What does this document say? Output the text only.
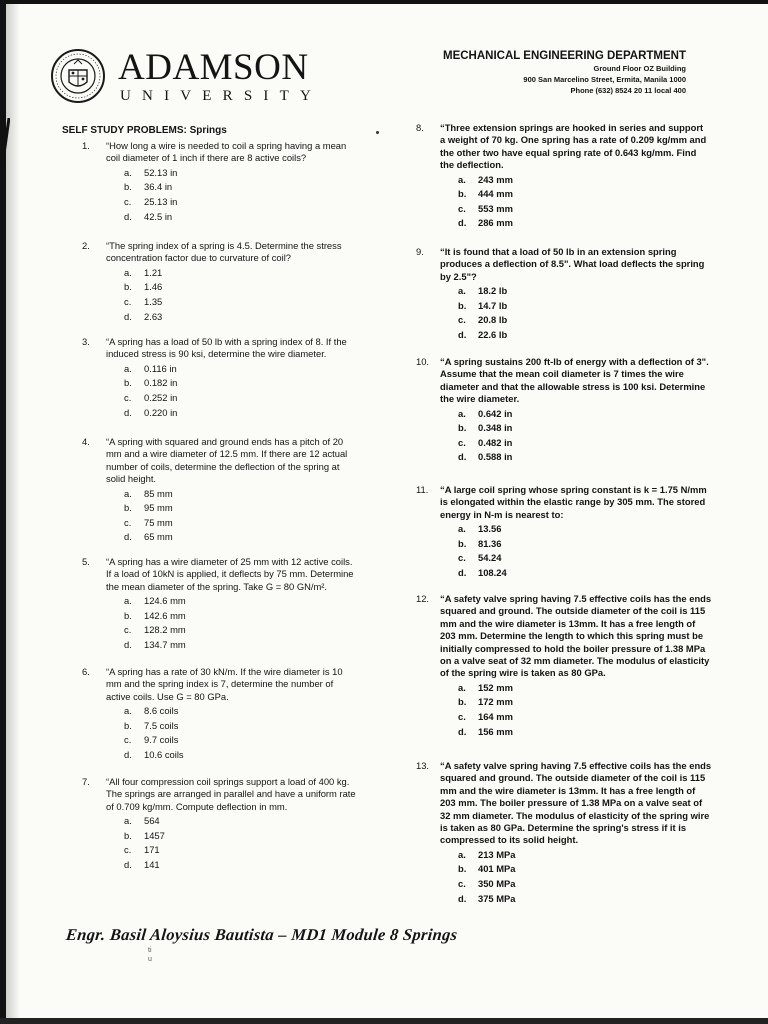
ADAMSON
UNIVERSITY
MECHANICAL ENGINEERING DEPARTMENT
Ground Floor OZ Building
900 San Marcelino Street, Ermita, Manila 1000
Phone (632) 8524 20 11 local 400
SELF STUDY PROBLEMS: Springs
1.	“How long a wire is needed to coil a spring having a mean
coil diameter of 1 inch if there are 8 active coils?
a. 52.13 in
b. 36.4 in
c. 25.13 in
d. 42.5 in
2.	“The spring index of a spring is 4.5. Determine the stress
concentration factor due to curvature of coil?
a. 1.21
b. 1.46
c. 1.35
d. 2.63
3.	“A spring has a load of 50 lb with a spring index of 8. If the
induced stress is 90 ksi, determine the wire diameter.
a. 0.116 in
b. 0.182 in
c. 0.252 in
d. 0.220 in
4.	“A spring with squared and ground ends has a pitch of 20
mm and a wire diameter of 12.5 mm. If there are 12 actual
number of coils, determine the deflection of the spring at
solid height.
a. 85 mm
b. 95 mm
c. 75 mm
d. 65 mm
5.	“A spring has a wire diameter of 25 mm with 12 active coils.
If a load of 10kN is applied, it deflects by 75 mm. Determine
the mean diameter of the spring. Take G = 80 GN/m².
a. 124.6 mm
b. 142.6 mm
c. 128.2 mm
d. 134.7 mm
6.	“A spring has a rate of 30 kN/m. If the wire diameter is 10
mm and the spring index is 7, determine the number of
active coils. Use G = 80 GPa.
a. 8.6 coils
b. 7.5 coils
c. 9.7 coils
d. 10.6 coils
7.	“All four compression coil springs support a load of 400 kg.
The springs are arranged in parallel and have a uniform rate
of 0.709 kg/mm. Compute deflection in mm.
a. 564
b. 1457
c. 171
d. 141
8.	“Three extension springs are hooked in series and support
a weight of 70 kg. One spring has a rate of 0.209 kg/mm and
the other two have equal spring rate of 0.643 kg/mm. Find
the deflection.
a. 243 mm
b. 444 mm
c. 553 mm
d. 286 mm
9.	“It is found that a load of 50 lb in an extension spring
produces a deflection of 8.5". What load deflects the spring
by 2.5"?
a. 18.2 lb
b. 14.7 lb
c. 20.8 lb
d. 22.6 lb
10.	“A spring sustains 200 ft-lb of energy with a deflection of 3".
Assume that the mean coil diameter is 7 times the wire
diameter and that the allowable stress is 100 ksi. Determine
the wire diameter.
a. 0.642 in
b. 0.348 in
c. 0.482 in
d. 0.588 in
11.	“A large coil spring whose spring constant is k = 1.75 N/mm
is elongated within the elastic range by 305 mm. The stored
energy in N-m is nearest to:
a. 13.56
b. 81.36
c. 54.24
d. 108.24
12.	“A safety valve spring having 7.5 effective coils has the ends
squared and ground. The outside diameter of the coil is 115
mm and the wire diameter is 13mm. It has a free length of
203 mm. Determine the length to which this spring must be
initially compressed to hold the boiler pressure of 1.38 MPa
on a valve seat of 32 mm diameter. The modulus of elasticity
of the spring wire is taken as 80 GPa.
a. 152 mm
b. 172 mm
c. 164 mm
d. 156 mm
13.	“A safety valve spring having 7.5 effective coils has the ends
squared and ground. The outside diameter of the coil is 115
mm and the wire diameter is 13mm. It has a free length of
203 mm. The boiler pressure of 1.38 MPa on a valve seat of
32 mm diameter. The modulus of elasticity of the spring wire
is taken as 80 GPa. Determine the spring's stress if it is
compressed to its solid height.
a. 213 MPa
b. 401 MPa
c. 350 MPa
d. 375 MPa
Engr. Basil Aloysius Bautista – MD1 Module 8 Springs
ti
u
